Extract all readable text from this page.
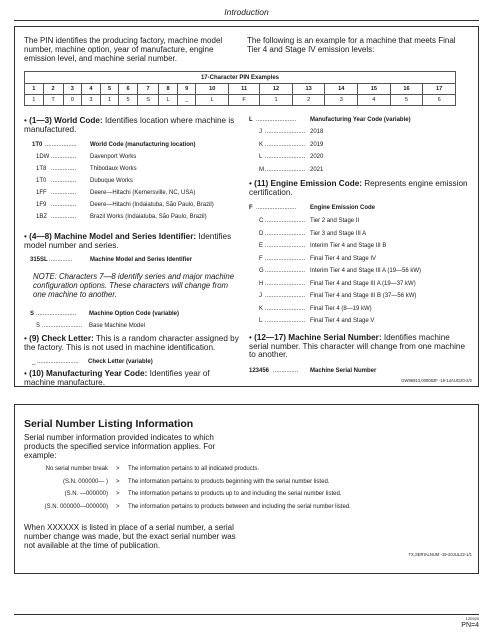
Introduction
The PIN identifies the producing factory, machine model number, machine option, year of manufacture, engine emission level, and machine serial number.
The following is an example for a machine that meets Final Tier 4 and Stage IV emission levels:
17-Character PIN Examples																
1	2	3	4	5	6	7	8	9	10	11	12	13	14	15	16	17
1	T	0	3	1	5	S	L	_	L	F	1	2	3	4	5	6
• (1—3) World Code: Identifies location where machine is manufactured.
1T0 ................... World Code (manufacturing location)
1DW ............... Davenport Works
1T8 ............... Thibodaux Works
1T0 ............... Dubuque Works
1FF ............... Deere—Hitachi (Kernersville, NC, USA)
1F9 ............... Deere—Hitachi (Indaiatuba, São Paulo, Brazil)
1BZ ............... Brazil Works (Indaiatuba, São Paulo, Brazil)
• (4—8) Machine Model and Series Identifier: Identifies model number and series.
315SL ..............	Machine Model and Series Identifier
NOTE: Characters 7—8 identify series and major machine configuration options. These characters will change from one machine to another.
S ........................ Machine Option Code (variable)
S ........................ Base Machine Model
• (9) Check Letter: This is a random character assigned by the factory. This is not used in machine identification.
_ ......................... Check Letter (variable)
• (10) Manufacturing Year Code: Identifies year of machine manufacture.
L ........................ Manufacturing Year Code (variable)
J ........................ 2018
K ........................ 2019
L ........................ 2020
M ........................ 2021
• (11) Engine Emission Code: Represents engine emission certification.
F ........................ Engine Emission Code
C ........................ Tier 2 and Stage II
D ........................ Tier 3 and Stage III A
E ........................ Interim Tier 4 and Stage III B
F ........................ Final Tier 4 and Stage IV
G ........................ Interim Tier 4 and Stage III A (19—56 kW)
H ........................ Final Tier 4 and Stage III A (19—37 kW)
J ........................ Final Tier 4 and Stage III B (37—56 kW)
K ........................ Final Tier 4 (8—19 kW)
L ........................ Final Tier 4 and Stage V
• (12—17) Machine Serial Number: Identifies machine serial number. This character will change from one machine to another.
123456 ............... Machine Serial Number
GW86913,000063F -19-14AUG20-2/2
Serial Number Listing Information
Serial number information provided indicates to which products the specified service information applies. For example:
No serial number break > The information pertains to all indicated products.
(S.N. 000000— ) > The information pertains to products beginning with the serial number listed.
(S.N. —000000) > The information pertains to products up to and including the serial number listed.
(S.N. 000000—000000) > The information pertains to products between and including the serial number listed.
When XXXXXX is listed in place of a serial number, a serial number change was made, but the exact serial number was not available at the time of publication.
TX,SERIALNUM -19-20JUL22-1/1
120920
PN=4
